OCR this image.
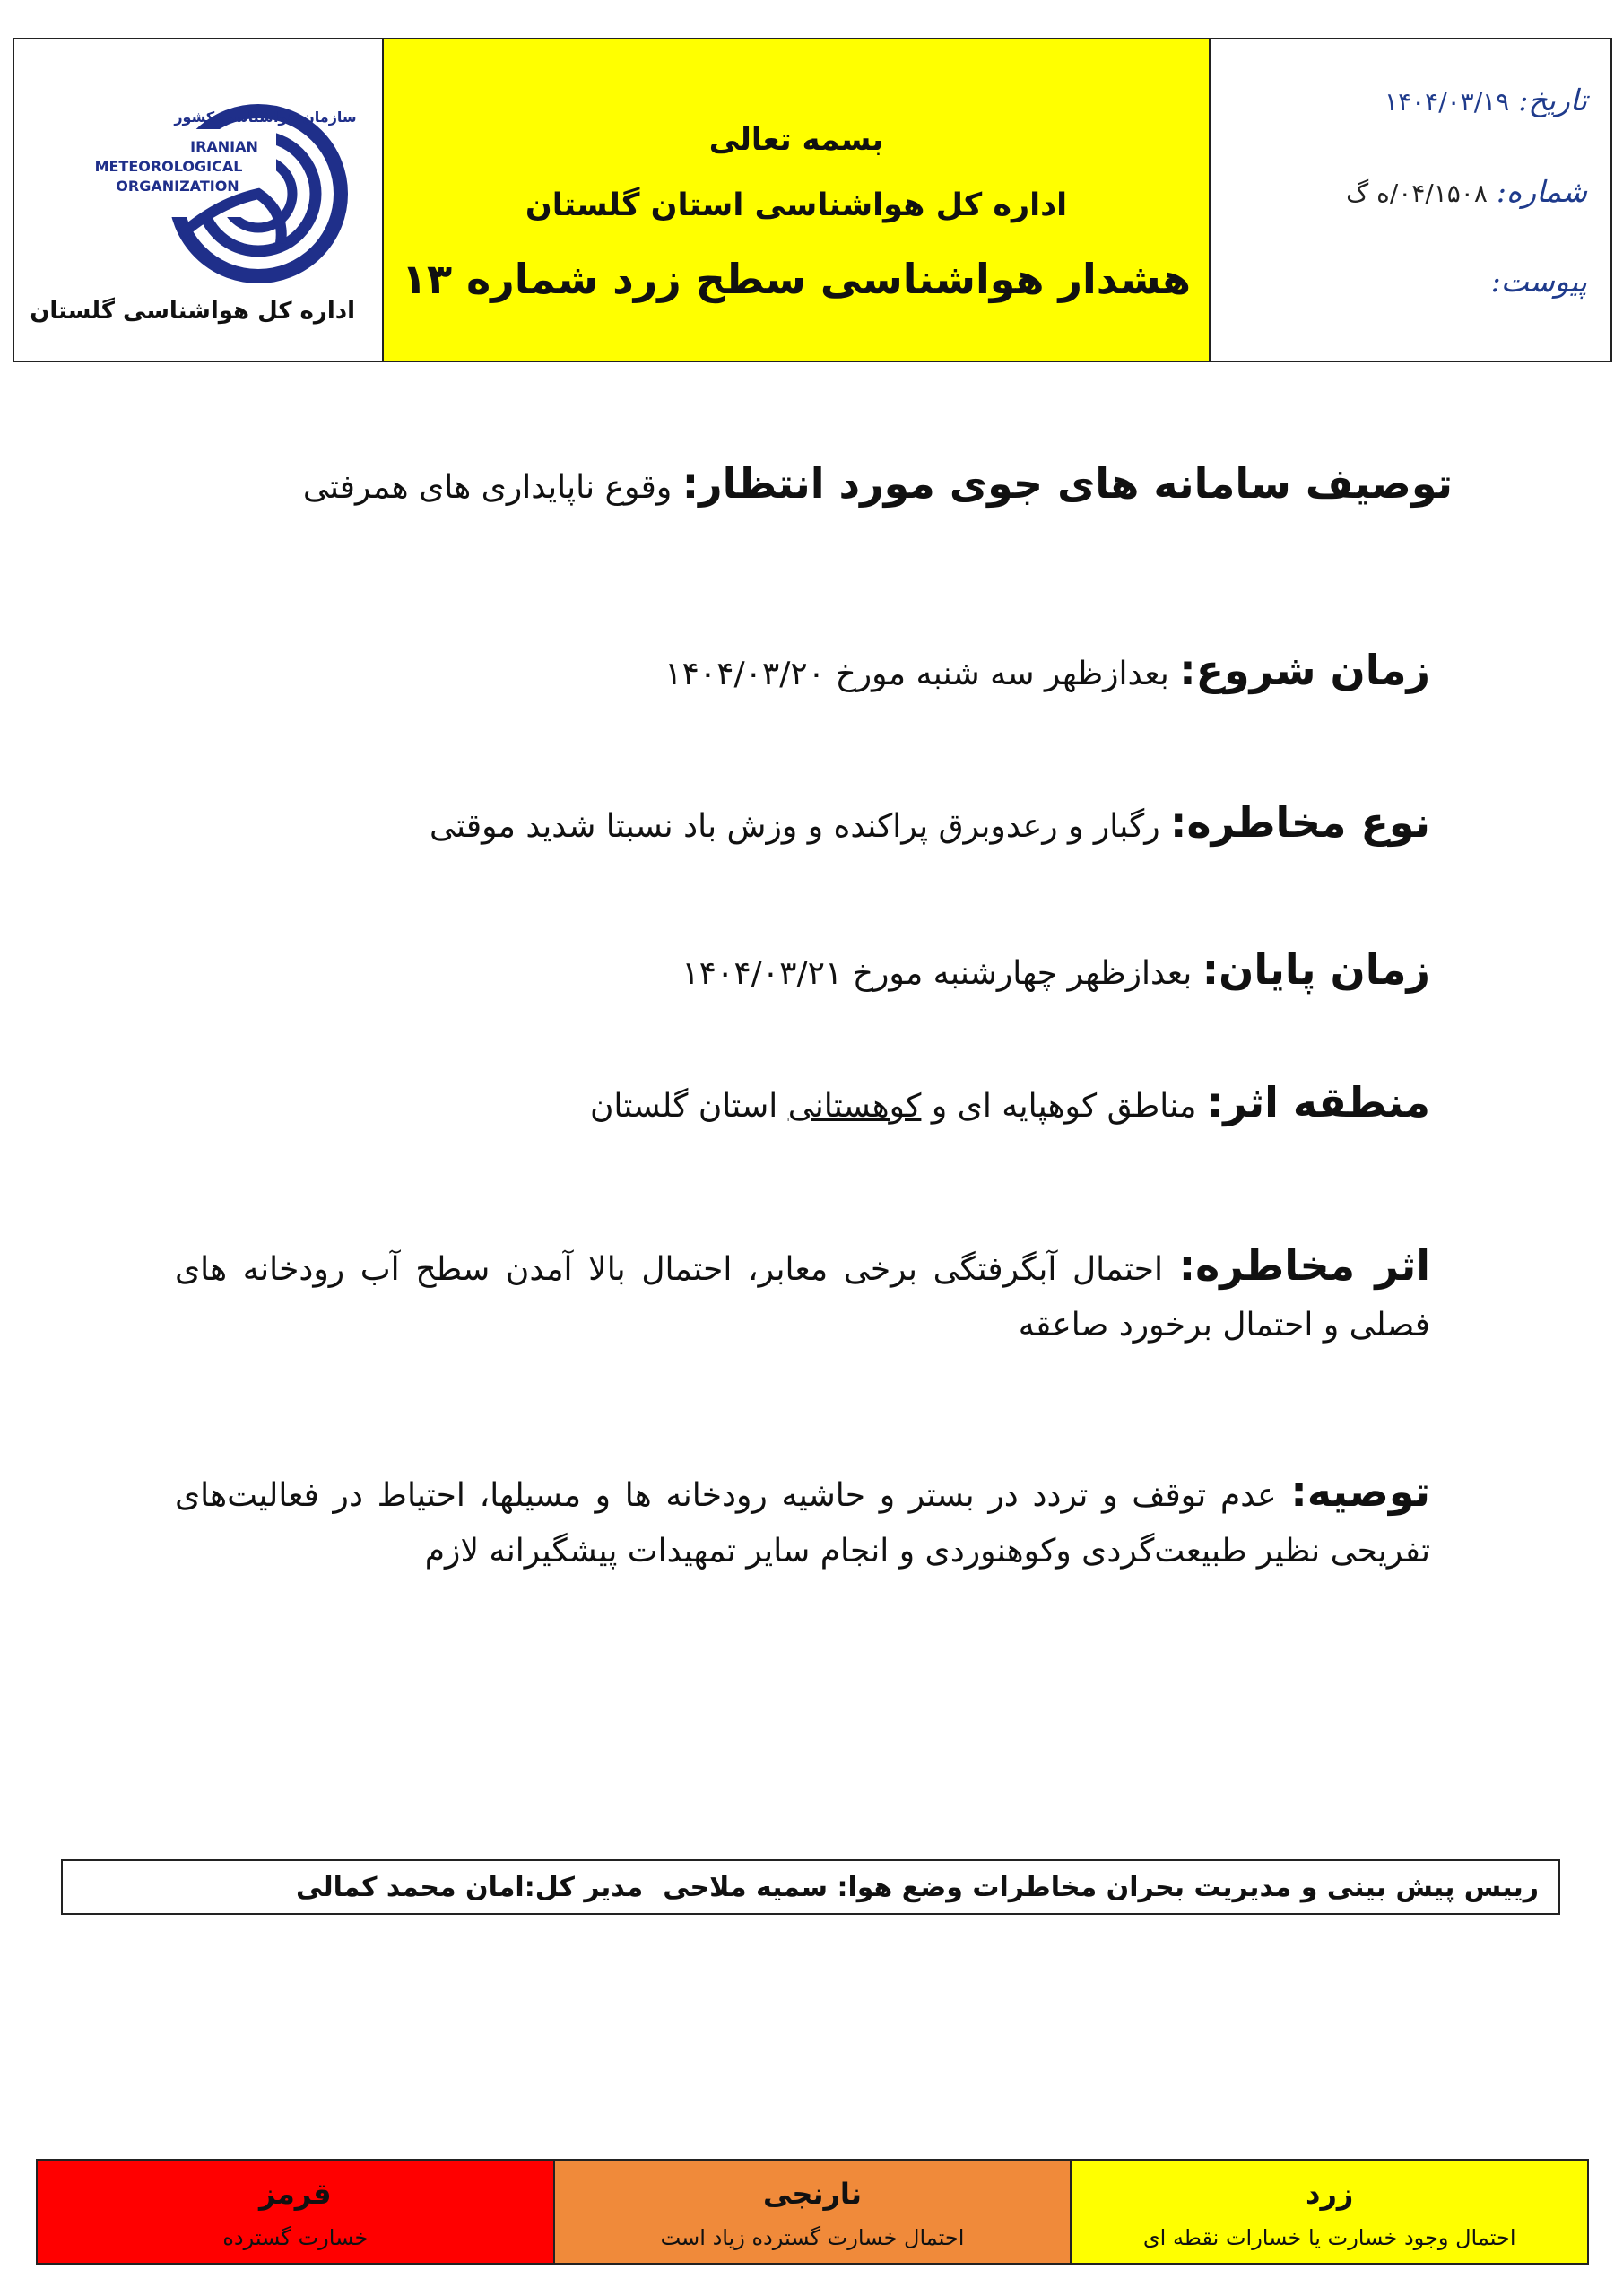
سازمان هواشناسی کشور
IRANIAN
METEOROLOGICAL
ORGANIZATION
اداره کل هواشناسی گلستان
بسمه تعالی
اداره کل هواشناسی استان گلستان
هشدار هواشناسی سطح زرد شماره ۱۳
تاریخ:۱۴۰۴/۰۳/۱۹
شماره:۰۴/۱۵۰۸/ه گ
پیوست:
توصیف سامانه های جوی مورد انتظار: وقوع ناپایداری های همرفتی
زمان شروع: بعدازظهر سه شنبه مورخ ۱۴۰۴/۰۳/۲۰
نوع مخاطره: رگبار و رعدوبرق پراکنده و وزش باد نسبتا شدید موقتی
زمان پایان: بعدازظهر چهارشنبه مورخ ۱۴۰۴/۰۳/۲۱
منطقه اثر: مناطق کوهپایه ای و کوهستانی استان گلستان
اثر مخاطره: احتمال آبگرفتگی برخی معابر، احتمال بالا آمدن سطح آب رودخانه های فصلی و احتمال برخورد صاعقه
توصیه: عدم توقف و تردد در بستر و حاشیه رودخانه ها و مسیلها، احتیاط در فعالیت‌های تفریحی نظیر طبیعت‌گردی وکوهنوردی و انجام سایر تمهیدات پیشگیرانه لازم
رییس پیش بینی و مدیریت بحران مخاطرات وضع هوا: سمیه ملاحی
مدیر کل:امان محمد کمالی
قرمز
خسارت گسترده
نارنجی
احتمال خسارت گسترده زیاد است
زرد
احتمال وجود خسارت یا خسارات نقطه ای
